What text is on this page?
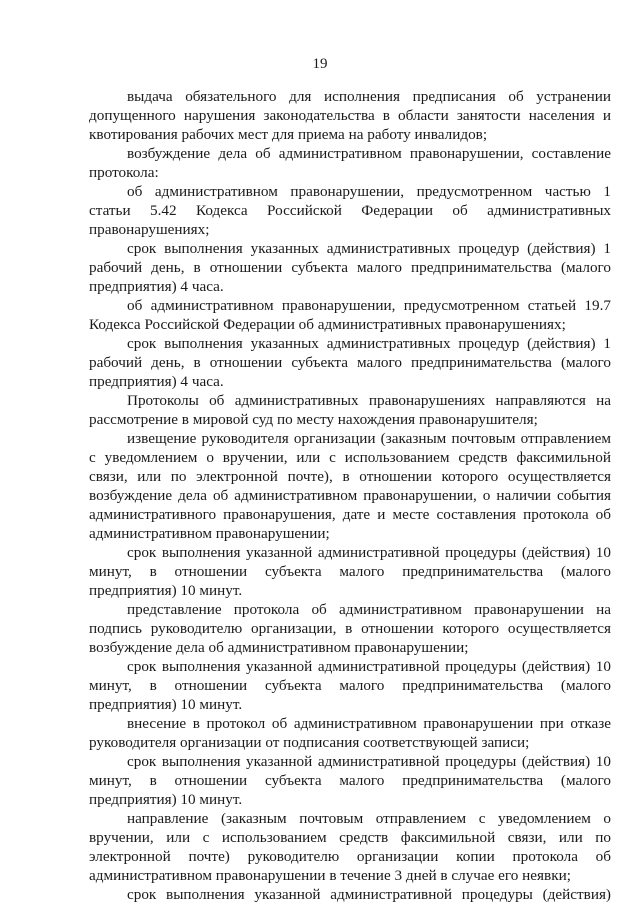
19

выдача обязательного для исполнения предписания об устранении допущенного нарушения законодательства в области занятости населения и квотирования рабочих мест для приема на работу инвалидов;

возбуждение дела об административном правонарушении, составление протокола:

об административном правонарушении, предусмотренном частью 1 статьи 5.42 Кодекса Российской Федерации об административных правонарушениях;

срок выполнения указанных административных процедур (действия) 1 рабочий день, в отношении субъекта малого предпринимательства (малого предприятия) 4 часа.

об административном правонарушении, предусмотренном статьей 19.7 Кодекса Российской Федерации об административных правонарушениях;

срок выполнения указанных административных процедур (действия) 1 рабочий день, в отношении субъекта малого предпринимательства (малого предприятия) 4 часа.

Протоколы об административных правонарушениях направляются на рассмотрение в мировой суд по месту нахождения правонарушителя;

извещение руководителя организации (заказным почтовым отправлением с уведомлением о вручении, или с использованием средств факсимильной связи, или по электронной почте), в отношении которого осуществляется возбуждение дела об административном правонарушении, о наличии события административного правонарушения, дате и месте составления протокола об административном правонарушении;

срок выполнения указанной административной процедуры (действия) 10 минут, в отношении субъекта малого предпринимательства (малого предприятия) 10 минут.

представление протокола об административном правонарушении на подпись руководителю организации, в отношении которого осуществляется возбуждение дела об административном правонарушении;

срок выполнения указанной административной процедуры (действия) 10 минут, в отношении субъекта малого предпринимательства (малого предприятия) 10 минут.

внесение в протокол об административном правонарушении при отказе руководителя организации от подписания соответствующей записи;

срок выполнения указанной административной процедуры (действия) 10 минут, в отношении субъекта малого предпринимательства (малого предприятия) 10 минут.

направление (заказным почтовым отправлением с уведомлением о вручении, или с использованием средств факсимильной связи, или по электронной почте) руководителю организации копии протокола об административном правонарушении в течение 3 дней в случае его неявки;

срок выполнения указанной административной процедуры (действия)
